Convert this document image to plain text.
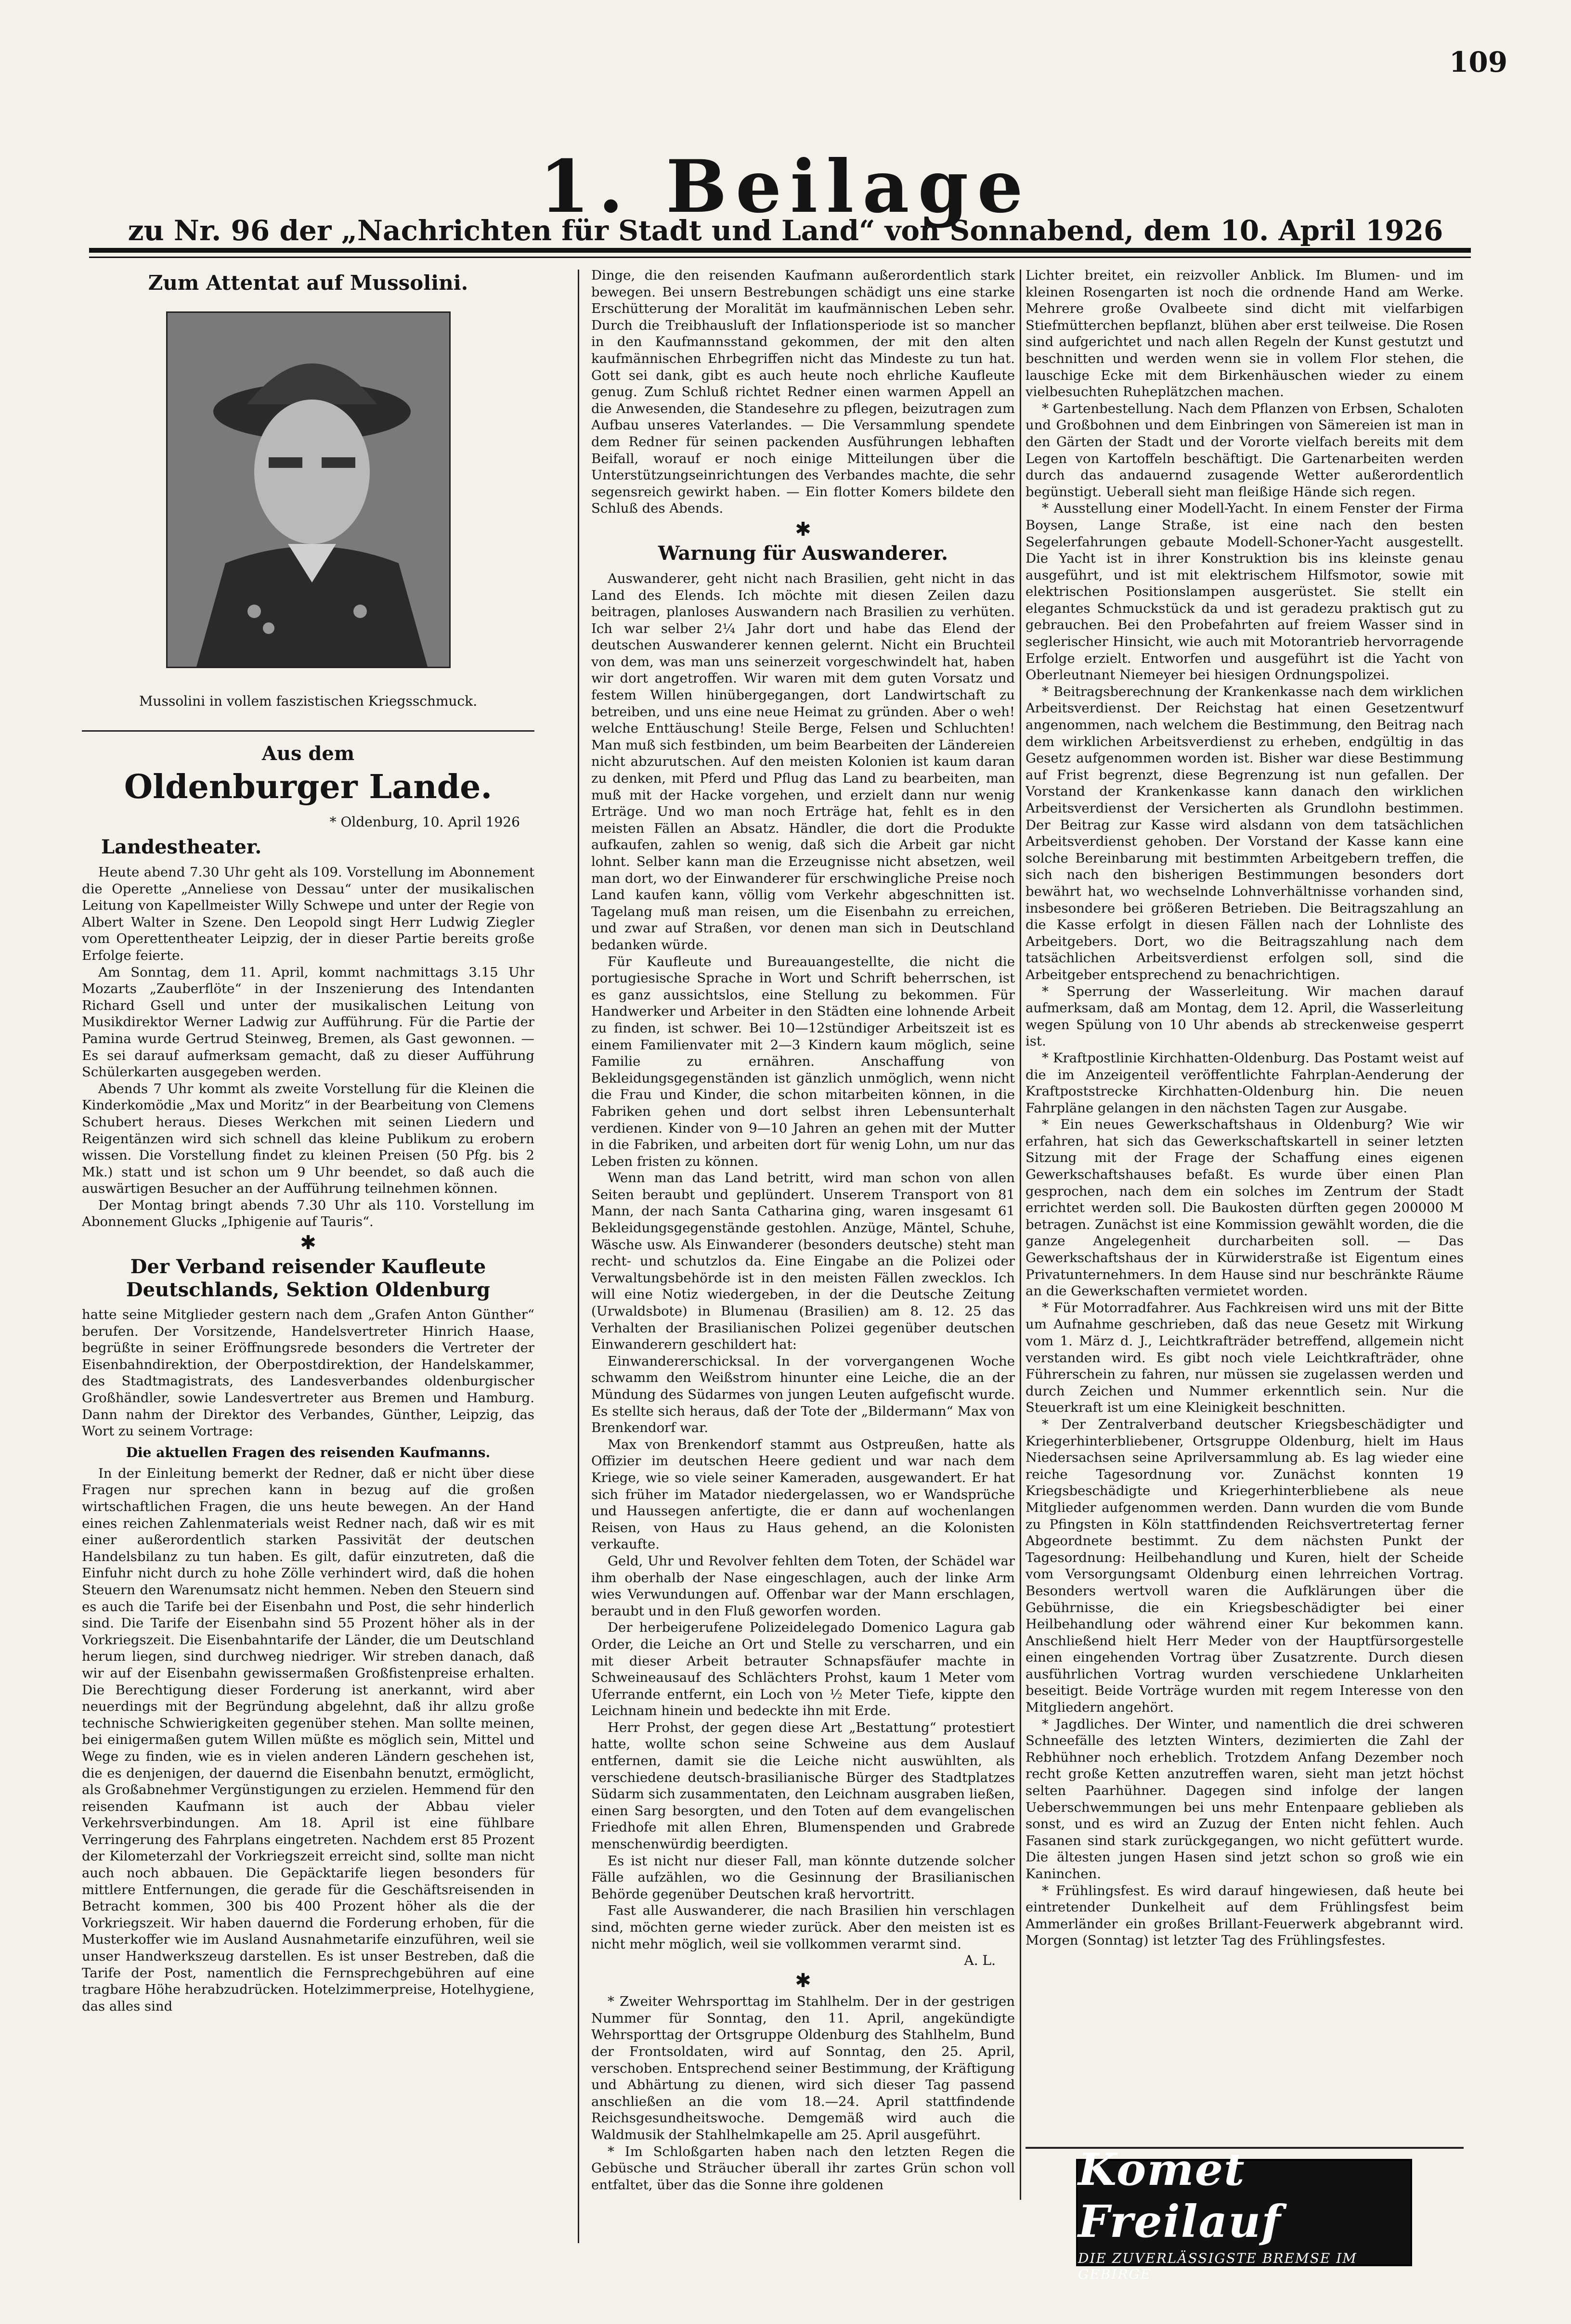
109
1. Beilage
zu Nr. 96 der „Nachrichten für Stadt und Land“ von Sonnabend, dem 10. April 1926
Zum Attentat auf Mussolini.
Mussolini in vollem faszistischen Kriegsschmuck.
Aus dem
Oldenburger Lande.
* Oldenburg, 10. April 1926
Landestheater.

Heute abend 7.30 Uhr geht als 109. Vorstellung im Abonnement die Operette „Anneliese von Dessau“ unter der musikalischen Leitung von Kapellmeister Willy Schwepe und unter der Regie von Albert Walter in Szene. Den Leopold singt Herr Ludwig Ziegler vom Operettentheater Leipzig, der in dieser Partie bereits große Erfolge feierte.

Am Sonntag, dem 11. April, kommt nachmittags 3.15 Uhr Mozarts „Zauberflöte“ in der Inszenierung des Intendanten Richard Gsell und unter der musikalischen Leitung von Musikdirektor Werner Ladwig zur Aufführung. Für die Partie der Pamina wurde Gertrud Steinweg, Bremen, als Gast gewonnen. — Es sei darauf aufmerksam gemacht, daß zu dieser Aufführung Schülerkarten ausgegeben werden.

Abends 7 Uhr kommt als zweite Vorstellung für die Kleinen die Kinderkomödie „Max und Moritz“ in der Bearbeitung von Clemens Schubert heraus. Dieses Werkchen mit seinen Liedern und Reigentänzen wird sich schnell das kleine Publikum zu erobern wissen. Die Vorstellung findet zu kleinen Preisen (50 Pfg. bis 2 Mk.) statt und ist schon um 9 Uhr beendet, so daß auch die auswärtigen Besucher an der Aufführung teilnehmen können.

Der Montag bringt abends 7.30 Uhr als 110. Vorstellung im Abonnement Glucks „Iphigenie auf Tauris“.

✱
Der Verband reisender Kaufleute Deutschlands, Sektion Oldenburg

hatte seine Mitglieder gestern nach dem „Grafen Anton Günther“ berufen. Der Vorsitzende, Handelsvertreter Hinrich Haase, begrüßte in seiner Eröffnungsrede besonders die Vertreter der Eisenbahndirektion, der Oberpostdirektion, der Handelskammer, des Stadtmagistrats, des Landesverbandes oldenburgischer Großhändler, sowie Landesvertreter aus Bremen und Hamburg. Dann nahm der Direktor des Verbandes, Günther, Leipzig, das Wort zu seinem Vortrage:

Die aktuellen Fragen des reisenden Kaufmanns.

In der Einleitung bemerkt der Redner, daß er nicht über diese Fragen nur sprechen kann in bezug auf die großen wirtschaftlichen Fragen, die uns heute bewegen. An der Hand eines reichen Zahlenmaterials weist Redner nach, daß wir es mit einer außerordentlich starken Passivität der deutschen Handelsbilanz zu tun haben. Es gilt, dafür einzutreten, daß die Einfuhr nicht durch zu hohe Zölle verhindert wird, daß die hohen Steuern den Warenumsatz nicht hemmen. Neben den Steuern sind es auch die Tarife bei der Eisenbahn und Post, die sehr hinderlich sind. Die Tarife der Eisenbahn sind 55 Prozent höher als in der Vorkriegszeit. Die Eisenbahntarife der Länder, die um Deutschland herum liegen, sind durchweg niedriger. Wir streben danach, daß wir auf der Eisenbahn gewissermaßen Großfistenpreise erhalten. Die Berechtigung dieser Forderung ist anerkannt, wird aber neuerdings mit der Begründung abgelehnt, daß ihr allzu große technische Schwierigkeiten gegenüber stehen. Man sollte meinen, bei einigermaßen gutem Willen müßte es möglich sein, Mittel und Wege zu finden, wie es in vielen anderen Ländern geschehen ist, die es denjenigen, der dauernd die Eisenbahn benutzt, ermöglicht, als Großabnehmer Vergünstigungen zu erzielen. Hemmend für den reisenden Kaufmann ist auch der Abbau vieler Verkehrsverbindungen. Am 18. April ist eine fühlbare Verringerung des Fahrplans eingetreten. Nachdem erst 85 Prozent der Kilometerzahl der Vorkriegszeit erreicht sind, sollte man nicht auch noch abbauen. Die Gepäcktarife liegen besonders für mittlere Entfernungen, die gerade für die Geschäftsreisenden in Betracht kommen, 300 bis 400 Prozent höher als die der Vorkriegszeit. Wir haben dauernd die Forderung erhoben, für die Musterkoffer wie im Ausland Ausnahmetarife einzuführen, weil sie unser Handwerkszeug darstellen. Es ist unser Bestreben, daß die Tarife der Post, namentlich die Fernsprechgebühren auf eine tragbare Höhe herabzudrücken. Hotelzimmerpreise, Hotelhygiene, das alles sind

Dinge, die den reisenden Kaufmann außerordentlich stark bewegen. Bei unsern Bestrebungen schädigt uns eine starke Erschütterung der Moralität im kaufmännischen Leben sehr. Durch die Treibhausluft der Inflationsperiode ist so mancher in den Kaufmannsstand gekommen, der mit den alten kaufmännischen Ehrbegriffen nicht das Mindeste zu tun hat. Gott sei dank, gibt es auch heute noch ehrliche Kaufleute genug. Zum Schluß richtet Redner einen warmen Appell an die Anwesenden, die Standesehre zu pflegen, beizutragen zum Aufbau unseres Vaterlandes. — Die Versammlung spendete dem Redner für seinen packenden Ausführungen lebhaften Beifall, worauf er noch einige Mitteilungen über die Unterstützungseinrichtungen des Verbandes machte, die sehr segensreich gewirkt haben. — Ein flotter Komers bildete den Schluß des Abends.

✱
Warnung für Auswanderer.

Auswanderer, geht nicht nach Brasilien, geht nicht in das Land des Elends. Ich möchte mit diesen Zeilen dazu beitragen, planloses Auswandern nach Brasilien zu verhüten. Ich war selber 2¼ Jahr dort und habe das Elend der deutschen Auswanderer kennen gelernt. Nicht ein Bruchteil von dem, was man uns seinerzeit vorgeschwindelt hat, haben wir dort angetroffen. Wir waren mit dem guten Vorsatz und festem Willen hinübergegangen, dort Landwirtschaft zu betreiben, und uns eine neue Heimat zu gründen. Aber o weh! welche Enttäuschung! Steile Berge, Felsen und Schluchten! Man muß sich festbinden, um beim Bearbeiten der Ländereien nicht abzurutschen. Auf den meisten Kolonien ist kaum daran zu denken, mit Pferd und Pflug das Land zu bearbeiten, man muß mit der Hacke vorgehen, und erzielt dann nur wenig Erträge. Und wo man noch Erträge hat, fehlt es in den meisten Fällen an Absatz. Händler, die dort die Produkte aufkaufen, zahlen so wenig, daß sich die Arbeit gar nicht lohnt. Selber kann man die Erzeugnisse nicht absetzen, weil man dort, wo der Einwanderer für erschwingliche Preise noch Land kaufen kann, völlig vom Verkehr abgeschnitten ist. Tagelang muß man reisen, um die Eisenbahn zu erreichen, und zwar auf Straßen, vor denen man sich in Deutschland bedanken würde.

Für Kaufleute und Bureauangestellte, die nicht die portugiesische Sprache in Wort und Schrift beherrschen, ist es ganz aussichtslos, eine Stellung zu bekommen. Für Handwerker und Arbeiter in den Städten eine lohnende Arbeit zu finden, ist schwer. Bei 10—12stündiger Arbeitszeit ist es einem Familienvater mit 2—3 Kindern kaum möglich, seine Familie zu ernähren. Anschaffung von Bekleidungsgegenständen ist gänzlich unmöglich, wenn nicht die Frau und Kinder, die schon mitarbeiten können, in die Fabriken gehen und dort selbst ihren Lebensunterhalt verdienen. Kinder von 9—10 Jahren an gehen mit der Mutter in die Fabriken, und arbeiten dort für wenig Lohn, um nur das Leben fristen zu können.

Wenn man das Land betritt, wird man schon von allen Seiten beraubt und geplündert. Unserem Transport von 81 Mann, der nach Santa Catharina ging, waren insgesamt 61 Bekleidungsgegenstände gestohlen. Anzüge, Mäntel, Schuhe, Wäsche usw. Als Einwanderer (besonders deutsche) steht man recht- und schutzlos da. Eine Eingabe an die Polizei oder Verwaltungsbehörde ist in den meisten Fällen zwecklos. Ich will eine Notiz wiedergeben, in der die Deutsche Zeitung (Urwaldsbote) in Blumenau (Brasilien) am 8. 12. 25 das Verhalten der Brasilianischen Polizei gegenüber deutschen Einwanderern geschildert hat:

Einwandererschicksal. In der vorvergangenen Woche schwamm den Weißstrom hinunter eine Leiche, die an der Mündung des Südarmes von jungen Leuten aufgefischt wurde. Es stellte sich heraus, daß der Tote der „Bildermann“ Max von Brenkendorf war.

Max von Brenkendorf stammt aus Ostpreußen, hatte als Offizier im deutschen Heere gedient und war nach dem Kriege, wie so viele seiner Kameraden, ausgewandert. Er hat sich früher im Matador niedergelassen, wo er Wandsprüche und Haussegen anfertigte, die er dann auf wochenlangen Reisen, von Haus zu Haus gehend, an die Kolonisten verkaufte.

Geld, Uhr und Revolver fehlten dem Toten, der Schädel war ihm oberhalb der Nase eingeschlagen, auch der linke Arm wies Verwundungen auf. Offenbar war der Mann erschlagen, beraubt und in den Fluß geworfen worden.

Der herbeigerufene Polizeidelegado Domenico Lagura gab Order, die Leiche an Ort und Stelle zu verscharren, und ein mit dieser Arbeit betrauter Schnapsfäufer machte in Schweineausauf des Schlächters Prohst, kaum 1 Meter vom Uferrande entfernt, ein Loch von ½ Meter Tiefe, kippte den Leichnam hinein und bedeckte ihn mit Erde.

Herr Prohst, der gegen diese Art „Bestattung“ protestiert hatte, wollte schon seine Schweine aus dem Auslauf entfernen, damit sie die Leiche nicht auswühlten, als verschiedene deutsch-brasilianische Bürger des Stadtplatzes Südarm sich zusammentaten, den Leichnam ausgraben ließen, einen Sarg besorgten, und den Toten auf dem evangelischen Friedhofe mit allen Ehren, Blumenspenden und Grabrede menschenwürdig beerdigten.

Es ist nicht nur dieser Fall, man könnte dutzende solcher Fälle aufzählen, wo die Gesinnung der Brasilianischen Behörde gegenüber Deutschen kraß hervortritt.

Fast alle Auswanderer, die nach Brasilien hin verschlagen sind, möchten gerne wieder zurück. Aber den meisten ist es nicht mehr möglich, weil sie vollkommen verarmt sind.

A. L.
✱

* Zweiter Wehrsporttag im Stahlhelm. Der in der gestrigen Nummer für Sonntag, den 11. April, angekündigte Wehrsporttag der Ortsgruppe Oldenburg des Stahlhelm, Bund der Frontsoldaten, wird auf Sonntag, den 25. April, verschoben. Entsprechend seiner Bestimmung, der Kräftigung und Abhärtung zu dienen, wird sich dieser Tag passend anschließen an die vom 18.—24. April stattfindende Reichsgesundheitswoche. Demgemäß wird auch die Waldmusik der Stahlhelmkapelle am 25. April ausgeführt.

* Im Schloßgarten haben nach den letzten Regen die Gebüsche und Sträucher überall ihr zartes Grün schon voll entfaltet, über das die Sonne ihre goldenen

Lichter breitet, ein reizvoller Anblick. Im Blumen- und im kleinen Rosengarten ist noch die ordnende Hand am Werke. Mehrere große Ovalbeete sind dicht mit vielfarbigen Stiefmütterchen bepflanzt, blühen aber erst teilweise. Die Rosen sind aufgerichtet und nach allen Regeln der Kunst gestutzt und beschnitten und werden wenn sie in vollem Flor stehen, die lauschige Ecke mit dem Birkenhäuschen wieder zu einem vielbesuchten Ruheplätzchen machen.

* Gartenbestellung. Nach dem Pflanzen von Erbsen, Schaloten und Großbohnen und dem Einbringen von Sämereien ist man in den Gärten der Stadt und der Vororte vielfach bereits mit dem Legen von Kartoffeln beschäftigt. Die Gartenarbeiten werden durch das andauernd zusagende Wetter außerordentlich begünstigt. Ueberall sieht man fleißige Hände sich regen.

* Ausstellung einer Modell-Yacht. In einem Fenster der Firma Boysen, Lange Straße, ist eine nach den besten Segelerfahrungen gebaute Modell-Schoner-Yacht ausgestellt. Die Yacht ist in ihrer Konstruktion bis ins kleinste genau ausgeführt, und ist mit elektrischem Hilfsmotor, sowie mit elektrischen Positionslampen ausgerüstet. Sie stellt ein elegantes Schmuckstück da und ist geradezu praktisch gut zu gebrauchen. Bei den Probefahrten auf freiem Wasser sind in seglerischer Hinsicht, wie auch mit Motorantrieb hervorragende Erfolge erzielt. Entworfen und ausgeführt ist die Yacht von Oberleutnant Niemeyer bei hiesigen Ordnungspolizei.

* Beitragsberechnung der Krankenkasse nach dem wirklichen Arbeitsverdienst. Der Reichstag hat einen Gesetzentwurf angenommen, nach welchem die Bestimmung, den Beitrag nach dem wirklichen Arbeitsverdienst zu erheben, endgültig in das Gesetz aufgenommen worden ist. Bisher war diese Bestimmung auf Frist begrenzt, diese Begrenzung ist nun gefallen. Der Vorstand der Krankenkasse kann danach den wirklichen Arbeitsverdienst der Versicherten als Grundlohn bestimmen. Der Beitrag zur Kasse wird alsdann von dem tatsächlichen Arbeitsverdienst gehoben. Der Vorstand der Kasse kann eine solche Bereinbarung mit bestimmten Arbeitgebern treffen, die sich nach den bisherigen Bestimmungen besonders dort bewährt hat, wo wechselnde Lohnverhältnisse vorhanden sind, insbesondere bei größeren Betrieben. Die Beitragszahlung an die Kasse erfolgt in diesen Fällen nach der Lohnliste des Arbeitgebers. Dort, wo die Beitragszahlung nach dem tatsächlichen Arbeitsverdienst erfolgen soll, sind die Arbeitgeber entsprechend zu benachrichtigen.

* Sperrung der Wasserleitung. Wir machen darauf aufmerksam, daß am Montag, dem 12. April, die Wasserleitung wegen Spülung von 10 Uhr abends ab streckenweise gesperrt ist.

* Kraftpostlinie Kirchhatten-Oldenburg. Das Postamt weist auf die im Anzeigenteil veröffentlichte Fahrplan-Aenderung der Kraftpoststrecke Kirchhatten-Oldenburg hin. Die neuen Fahrpläne gelangen in den nächsten Tagen zur Ausgabe.

* Ein neues Gewerkschaftshaus in Oldenburg? Wie wir erfahren, hat sich das Gewerkschaftskartell in seiner letzten Sitzung mit der Frage der Schaffung eines eigenen Gewerkschaftshauses befaßt. Es wurde über einen Plan gesprochen, nach dem ein solches im Zentrum der Stadt errichtet werden soll. Die Baukosten dürften gegen 200000 M betragen. Zunächst ist eine Kommission gewählt worden, die die ganze Angelegenheit durcharbeiten soll. — Das Gewerkschaftshaus der in Kürwiderstraße ist Eigentum eines Privatunternehmers. In dem Hause sind nur beschränkte Räume an die Gewerkschaften vermietet worden.

* Für Motorradfahrer. Aus Fachkreisen wird uns mit der Bitte um Aufnahme geschrieben, daß das neue Gesetz mit Wirkung vom 1. März d. J., Leichtkrafträder betreffend, allgemein nicht verstanden wird. Es gibt noch viele Leichtkrafträder, ohne Führerschein zu fahren, nur müssen sie zugelassen werden und durch Zeichen und Nummer erkenntlich sein. Nur die Steuerkraft ist um eine Kleinigkeit beschnitten.

* Der Zentralverband deutscher Kriegsbeschädigter und Kriegerhinterbliebener, Ortsgruppe Oldenburg, hielt im Haus Niedersachsen seine Aprilversammlung ab. Es lag wieder eine reiche Tagesordnung vor. Zunächst konnten 19 Kriegsbeschädigte und Kriegerhinterbliebene als neue Mitglieder aufgenommen werden. Dann wurden die vom Bunde zu Pfingsten in Köln stattfindenden Reichsvertretertag ferner Abgeordnete bestimmt. Zu dem nächsten Punkt der Tagesordnung: Heilbehandlung und Kuren, hielt der Scheide vom Versorgungsamt Oldenburg einen lehrreichen Vortrag. Besonders wertvoll waren die Aufklärungen über die Gebührnisse, die ein Kriegsbeschädigter bei einer Heilbehandlung oder während einer Kur bekommen kann. Anschließend hielt Herr Meder von der Hauptfürsorgestelle einen eingehenden Vortrag über Zusatzrente. Durch diesen ausführlichen Vortrag wurden verschiedene Unklarheiten beseitigt. Beide Vorträge wurden mit regem Interesse von den Mitgliedern angehört.

* Jagdliches. Der Winter, und namentlich die drei schweren Schneefälle des letzten Winters, dezimierten die Zahl der Rebhühner noch erheblich. Trotzdem Anfang Dezember noch recht große Ketten anzutreffen waren, sieht man jetzt höchst selten Paarhühner. Dagegen sind infolge der langen Ueberschwemmungen bei uns mehr Entenpaare geblieben als sonst, und es wird an Zuzug der Enten nicht fehlen. Auch Fasanen sind stark zurückgegangen, wo nicht gefüttert wurde. Die ältesten jungen Hasen sind jetzt schon so groß wie ein Kaninchen.

* Frühlingsfest. Es wird darauf hingewiesen, daß heute bei eintretender Dunkelheit auf dem Frühlingsfest beim Ammerländer ein großes Brillant-Feuerwerk abgebrannt wird. Morgen (Sonntag) ist letzter Tag des Frühlingsfestes.

Komet Freilauf
DIE ZUVERLÄSSIGSTE BREMSE IM GEBIRGE
